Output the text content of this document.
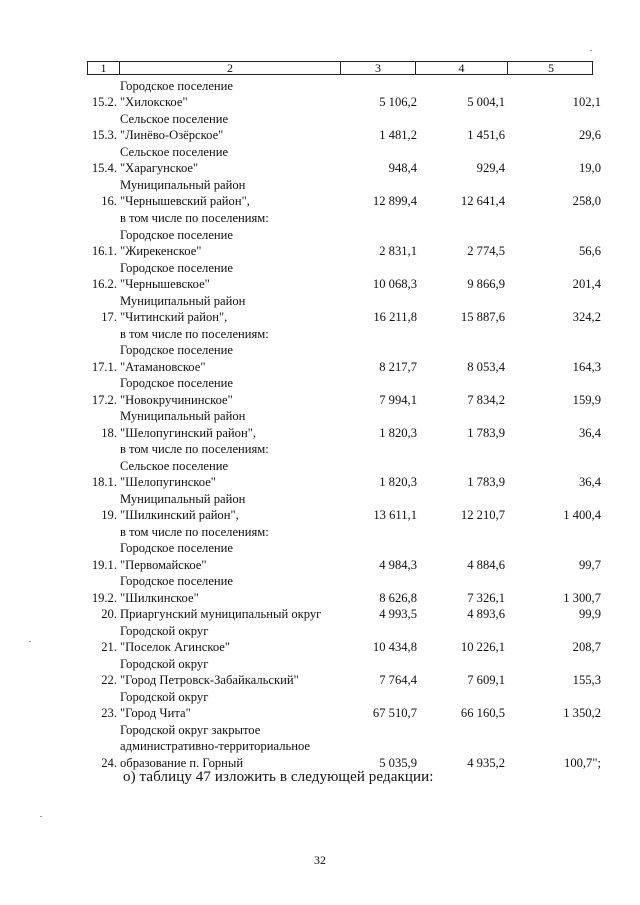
1	2	3	4	5
15.2.
Городское поселение
"Хилокское"	5 106,2	5 004,1	102,1
15.3.
Сельское поселение
"Линёво-Озёрское"	1 481,2	1 451,6	29,6
15.4.
Сельское поселение
"Харагунское"	948,4	929,4	19,0
16.
Муниципальный район
"Чернышевский район",	12 899,4	12 641,4	258,0
в том числе по поселениям:
16.1.
Городское поселение
"Жирекенское"	2 831,1	2 774,5	56,6
16.2.
Городское поселение
"Чернышевское"	10 068,3	9 866,9	201,4
17.
Муниципальный район
"Читинский район",	16 211,8	15 887,6	324,2
в том числе по поселениям:
17.1.
Городское поселение
"Атамановское"	8 217,7	8 053,4	164,3
17.2.
Городское поселение
"Новокручининское"	7 994,1	7 834,2	159,9
18.
Муниципальный район
"Шелопугинский район",	1 820,3	1 783,9	36,4
в том числе по поселениям:
18.1.
Сельское поселение
"Шелопугинское"	1 820,3	1 783,9	36,4
19.
Муниципальный район
"Шилкинский район",	13 611,1	12 210,7	1 400,4
в том числе по поселениям:
19.1.
Городское поселение
"Первомайское"	4 984,3	4 884,6	99,7
19.2.
Городское поселение
"Шилкинское"	8 626,8	7 326,1	1 300,7
20. Приаргунский муниципальный округ	4 993,5	4 893,6	99,9
21.
Городской округ
"Поселок Агинское"	10 434,8	10 226,1	208,7
22.
Городской округ
"Город Петровск-Забайкальский"	7 764,4	7 609,1	155,3
23.
Городской округ
"Город Чита"	67 510,7	66 160,5	1 350,2
24.
Городской округ закрытое
административно-территориальное
образование п. Горный	5 035,9	4 935,2	100,7";
о) таблицу 47 изложить в следующей редакции:
32
